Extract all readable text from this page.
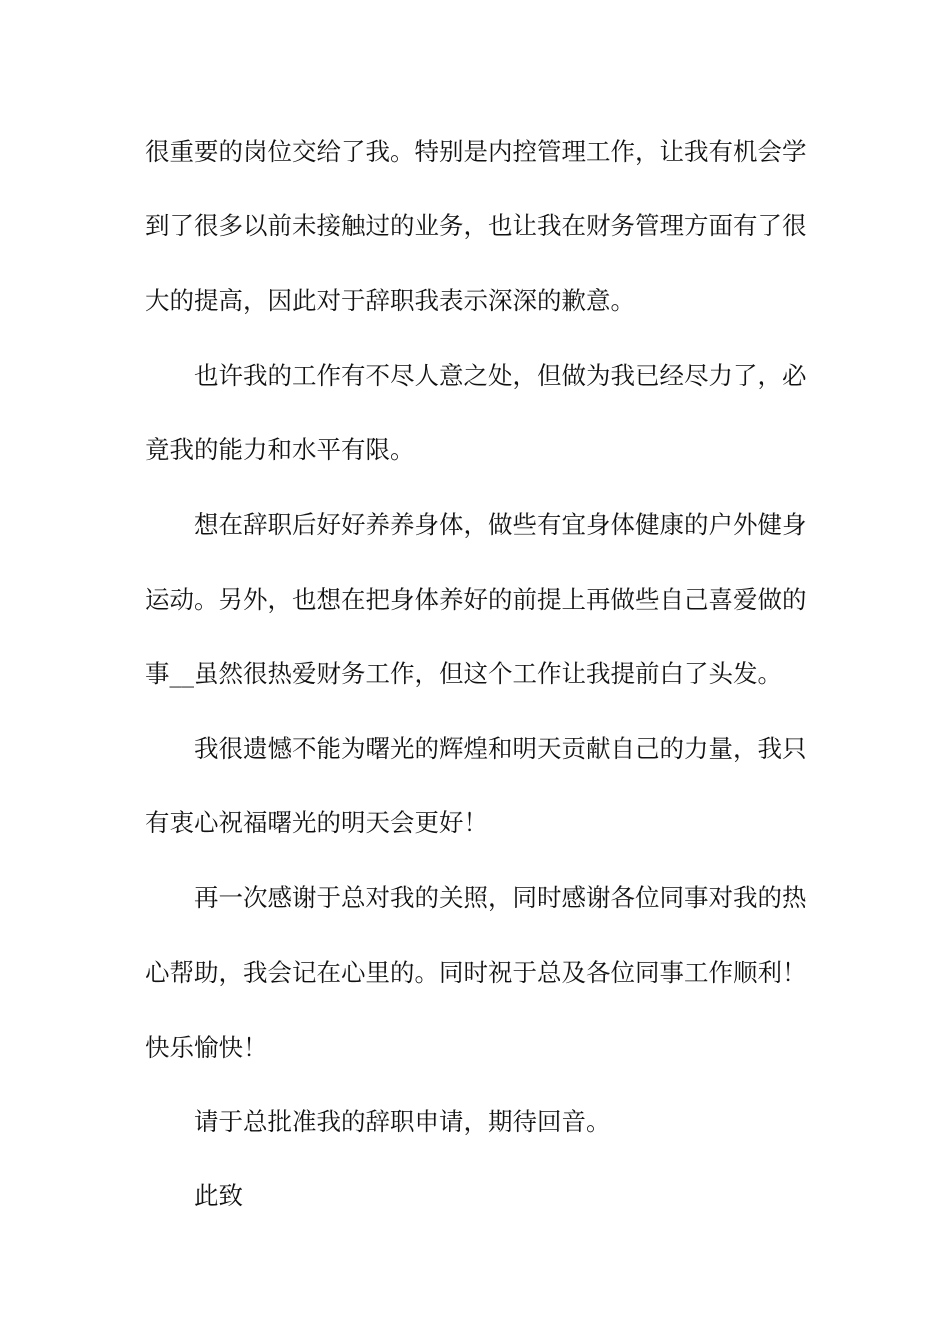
很重要的岗位交给了我。特别是内控管理工作，让我有机会学
到了很多以前未接触过的业务，也让我在财务管理方面有了很
大的提高，因此对于辞职我表示深深的歉意。
也许我的工作有不尽人意之处，但做为我已经尽力了，必
竟我的能力和水平有限。
想在辞职后好好养养身体，做些有宜身体健康的户外健身
运动。另外，也想在把身体养好的前提上再做些自己喜爱做的
事__虽然很热爱财务工作，但这个工作让我提前白了头发。
我很遗憾不能为曙光的辉煌和明天贡献自己的力量，我只
有衷心祝福曙光的明天会更好！
再一次感谢于总对我的关照，同时感谢各位同事对我的热
心帮助，我会记在心里的。同时祝于总及各位同事工作顺利！
快乐愉快！
请于总批准我的辞职申请，期待回音。
此致
